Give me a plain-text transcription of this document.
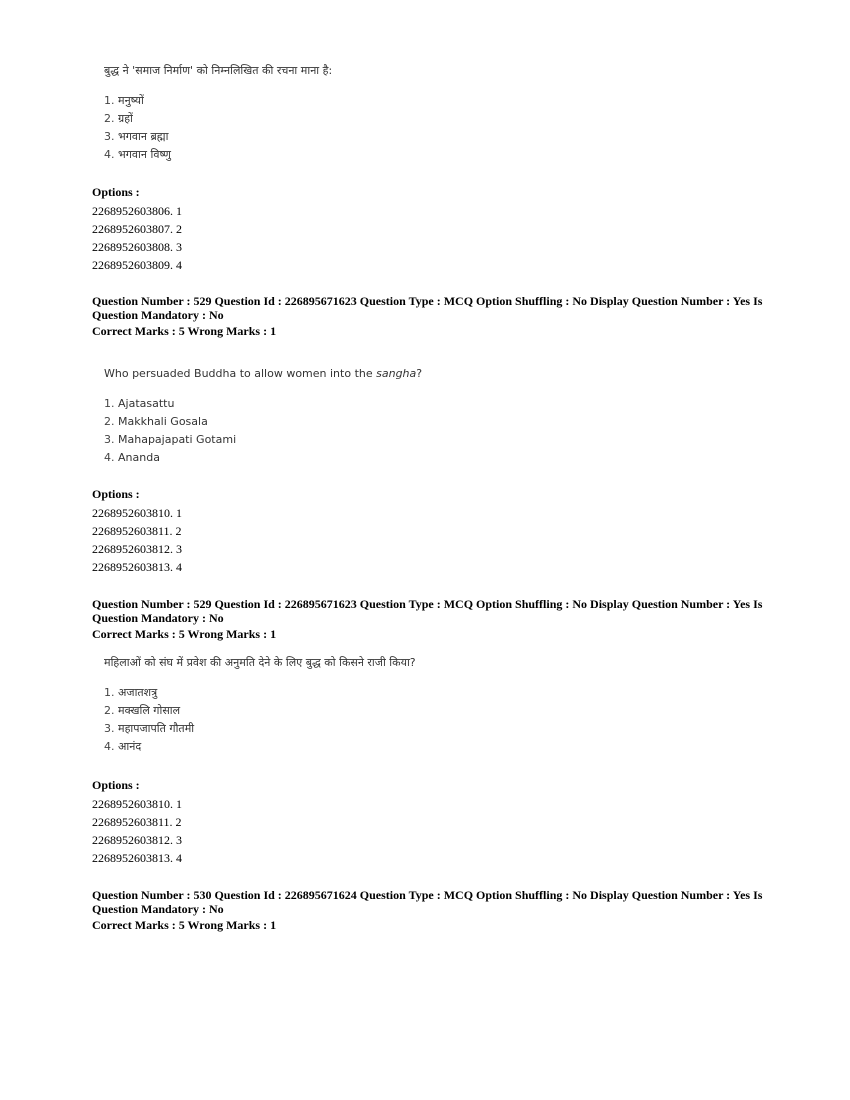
बुद्ध ने 'समाज निर्माण' को निम्नलिखित की रचना माना है:

1. मनुष्यों
2. ग्रहों
3. भगवान ब्रह्मा
4. भगवान विष्णु
Options :
2268952603806. 1
2268952603807. 2
2268952603808. 3
2268952603809. 4
Question Number : 529 Question Id : 226895671623 Question Type : MCQ Option Shuffling : No Display Question Number : Yes Is Question Mandatory : No
Correct Marks : 5 Wrong Marks : 1

Who persuaded Buddha to allow women into the sangha?

1. Ajatasattu
2. Makkhali Gosala
3. Mahapajapati Gotami
4. Ananda
Options :
2268952603810. 1
2268952603811. 2
2268952603812. 3
2268952603813. 4
Question Number : 529 Question Id : 226895671623 Question Type : MCQ Option Shuffling : No Display Question Number : Yes Is Question Mandatory : No
Correct Marks : 5 Wrong Marks : 1

महिलाओं को संघ में प्रवेश की अनुमति देने के लिए बुद्ध को किसने राजी किया?

1. अजातशत्रु
2. मक्खलि गोसाल
3. महापजापति गौतमी
4. आनंद
Options :
2268952603810. 1
2268952603811. 2
2268952603812. 3
2268952603813. 4
Question Number : 530 Question Id : 226895671624 Question Type : MCQ Option Shuffling : No Display Question Number : Yes Is Question Mandatory : No
Correct Marks : 5 Wrong Marks : 1
